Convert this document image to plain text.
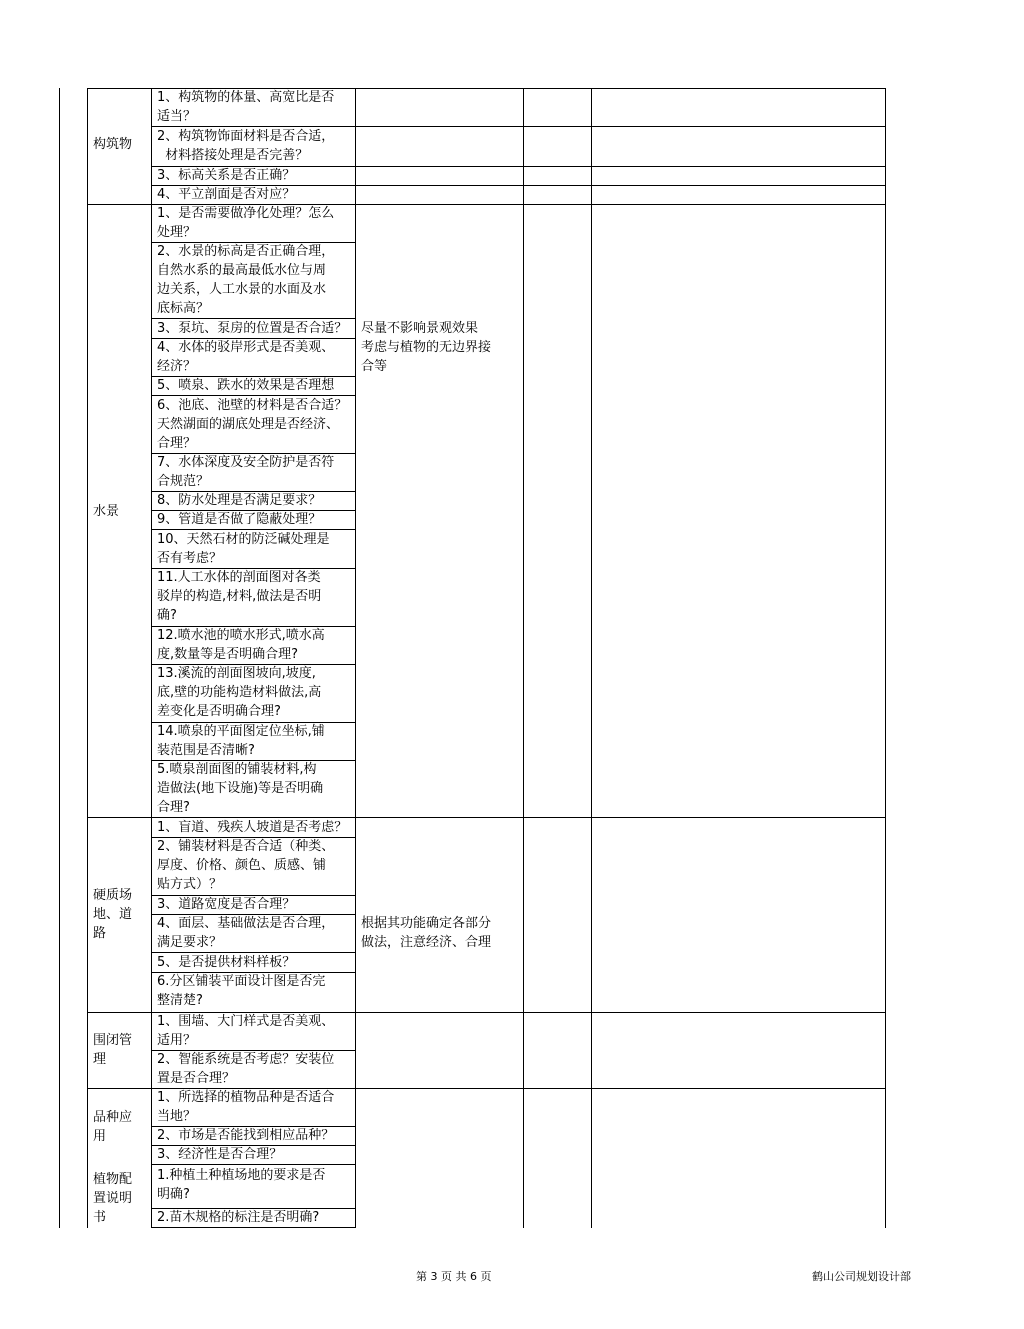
构筑物
水景
硬质场
地、道
路
围闭管
理
品种应
用
植物配
置说明
书
1、构筑物的体量、高宽比是否
适当？
2、构筑物饰面材料是否合适，
材料搭接处理是否完善？
3、标高关系是否正确？
4、平立剖面是否对应？
1、是否需要做净化处理？怎么
处理？
2、水景的标高是否正确合理，
自然水系的最高最低水位与周
边关系，人工水景的水面及水
底标高？
3、泵坑、泵房的位置是否合适？
4、水体的驳岸形式是否美观、
经济？
5、喷泉、跌水的效果是否理想
6、池底、池壁的材料是否合适？
天然湖面的湖底处理是否经济、
合理？
7、水体深度及安全防护是否符
合规范？
8、防水处理是否满足要求？
9、管道是否做了隐蔽处理？
10、天然石材的防泛碱处理是
否有考虑？
11.人工水体的剖面图对各类
驳岸的构造,材料,做法是否明
确?
12.喷水池的喷水形式,喷水高
度,数量等是否明确合理?
13.溪流的剖面图坡向,坡度,
底,壁的功能构造材料做法,高
差变化是否明确合理?
14.喷泉的平面图定位坐标,铺
装范围是否清晰?
5.喷泉剖面图的铺装材料,构
造做法(地下设施)等是否明确
合理?
尽量不影响景观效果
考虑与植物的无边界接
合等
1、盲道、残疾人坡道是否考虑？
2、铺装材料是否合适（种类、
厚度、价格、颜色、质感、铺
贴方式）？
3、道路宽度是否合理？
4、面层、基础做法是否合理，
满足要求？
5、是否提供材料样板？
6.分区铺装平面设计图是否完
整清楚?
根据其功能确定各部分
做法，注意经济、合理
1、围墙、大门样式是否美观、
适用？
2、智能系统是否考虑？安装位
置是否合理？
1、所选择的植物品种是否适合
当地？
2、市场是否能找到相应品种？
3、经济性是否合理？
1.种植土种植场地的要求是否
明确?
2.苗木规格的标注是否明确?
第 3 页 共 6 页	鹤山公司规划设计部
